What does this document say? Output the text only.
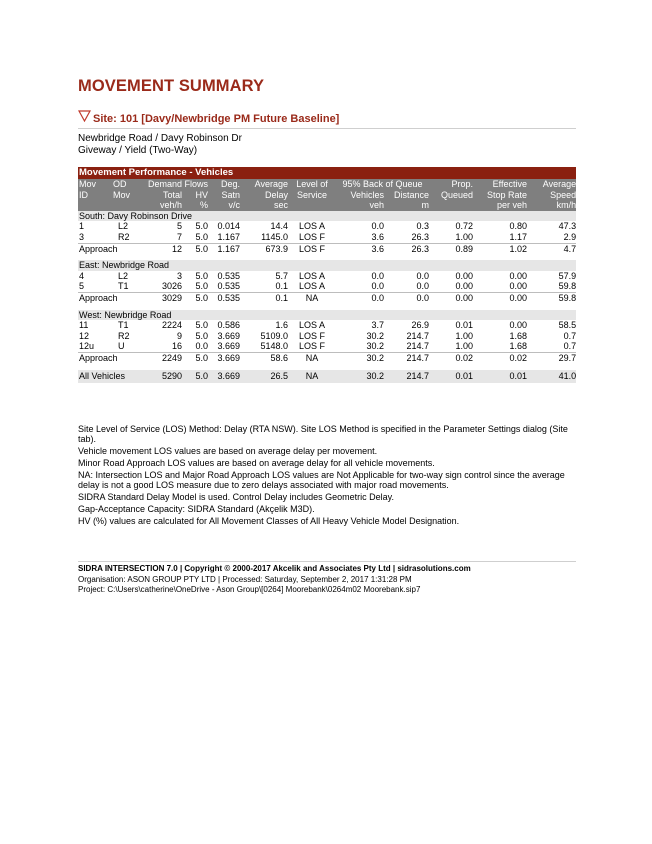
MOVEMENT SUMMARY
Site: 101 [Davy/Newbridge PM Future Baseline]
Newbridge Road / Davy Robinson Dr
Giveway / Yield (Two-Way)
Movement Performance - Vehicles											
Mov	OD	Demand Flows		Deg.	Average	Level of	95% Back of Queue		Prop.	Effective	Average
ID	Mov	Total	HV	Satn	Delay	Service	Vehicles	Distance	Queued	Stop Rate	Speed
		veh/h	%	v/c	sec		veh	m		per veh	km/h
South: Davy Robinson Drive											
1	L2	5	5.0	0.014	14.4	LOS A	0.0	0.3	0.72	0.80	47.3
3	R2	7	5.0	1.167	1145.0	LOS F	3.6	26.3	1.00	1.17	2.9
Approach		12	5.0	1.167	673.9	LOS F	3.6	26.3	0.89	1.02	4.7

East: Newbridge Road											
4	L2	3	5.0	0.535	5.7	LOS A	0.0	0.0	0.00	0.00	57.9
5	T1	3026	5.0	0.535	0.1	LOS A	0.0	0.0	0.00	0.00	59.8
Approach		3029	5.0	0.535	0.1	NA	0.0	0.0	0.00	0.00	59.8

West: Newbridge Road											
11	T1	2224	5.0	0.586	1.6	LOS A	3.7	26.9	0.01	0.00	58.5
12	R2	9	5.0	3.669	5109.0	LOS F	30.2	214.7	1.00	1.68	0.7
12u	U	16	0.0	3.669	5148.0	LOS F	30.2	214.7	1.00	1.68	0.7
Approach		2249	5.0	3.669	58.6	NA	30.2	214.7	0.02	0.02	29.7

All Vehicles		5290	5.0	3.669	26.5	NA	30.2	214.7	0.01	0.01	41.0

Site Level of Service (LOS) Method: Delay (RTA NSW). Site LOS Method is specified in the Parameter Settings dialog (Site tab).

Vehicle movement LOS values are based on average delay per movement.

Minor Road Approach LOS values are based on average delay for all vehicle movements.

NA: Intersection LOS and Major Road Approach LOS values are Not Applicable for two-way sign control since the average delay is not a good LOS measure due to zero delays associated with major road movements.

SIDRA Standard Delay Model is used. Control Delay includes Geometric Delay.

Gap-Acceptance Capacity: SIDRA Standard (Akçelik M3D).

HV (%) values are calculated for All Movement Classes of All Heavy Vehicle Model Designation.

SIDRA INTERSECTION 7.0 | Copyright © 2000-2017 Akcelik and Associates Pty Ltd | sidrasolutions.com
Organisation: ASON GROUP PTY LTD | Processed: Saturday, September 2, 2017 1:31:28 PM
Project: C:\Users\catherine\OneDrive - Ason Group\[0264] Moorebank\0264m02 Moorebank.sip7
